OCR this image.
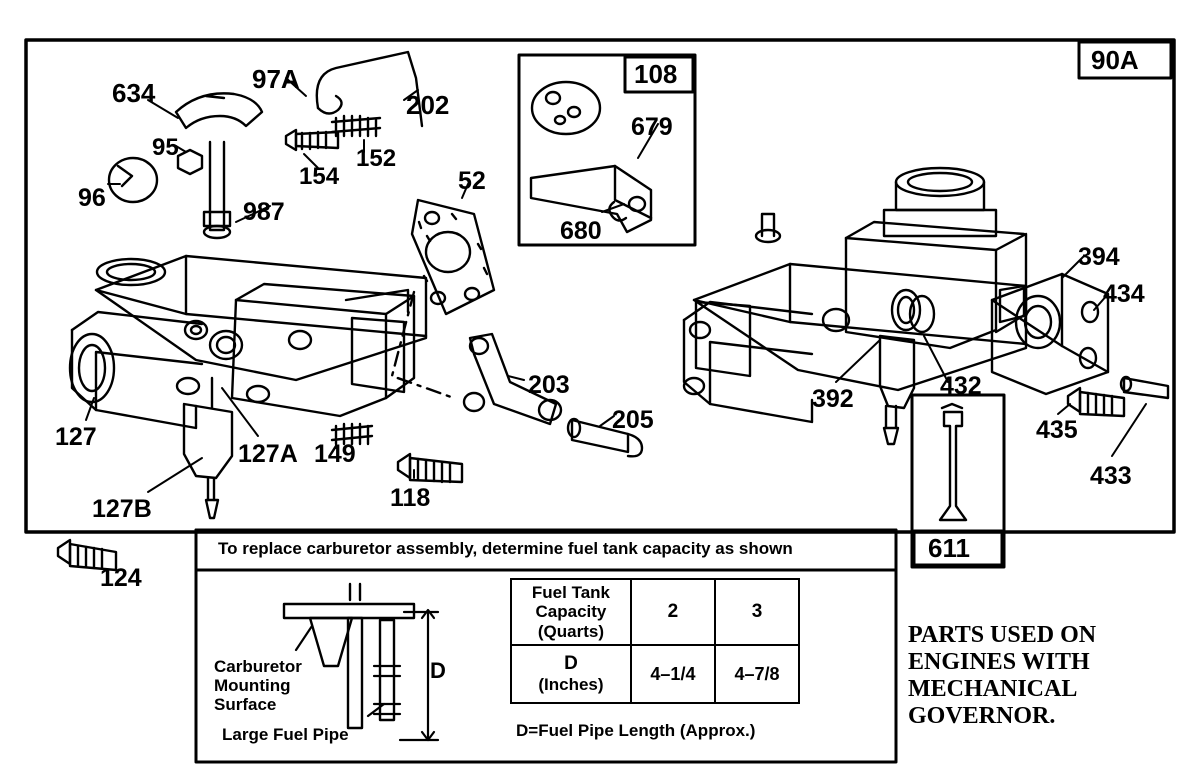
634	97A
202
95
154
152
96	987
52
679
680
394
434
127
127A
127B
149
118
203
205
392	432
435
433
124
90A
108
611
To replace carburetor assembly, determine fuel tank capacity as shown
Carburetor
Mounting
Surface
Large Fuel Pipe
D
Fuel Tank
Capacity
(Quarts)	2	3
D
(Inches)	4–1/4	4–7/8
D=Fuel Pipe Length (Approx.)
PARTS USED ON
ENGINES WITH
MECHANICAL
GOVERNOR.
